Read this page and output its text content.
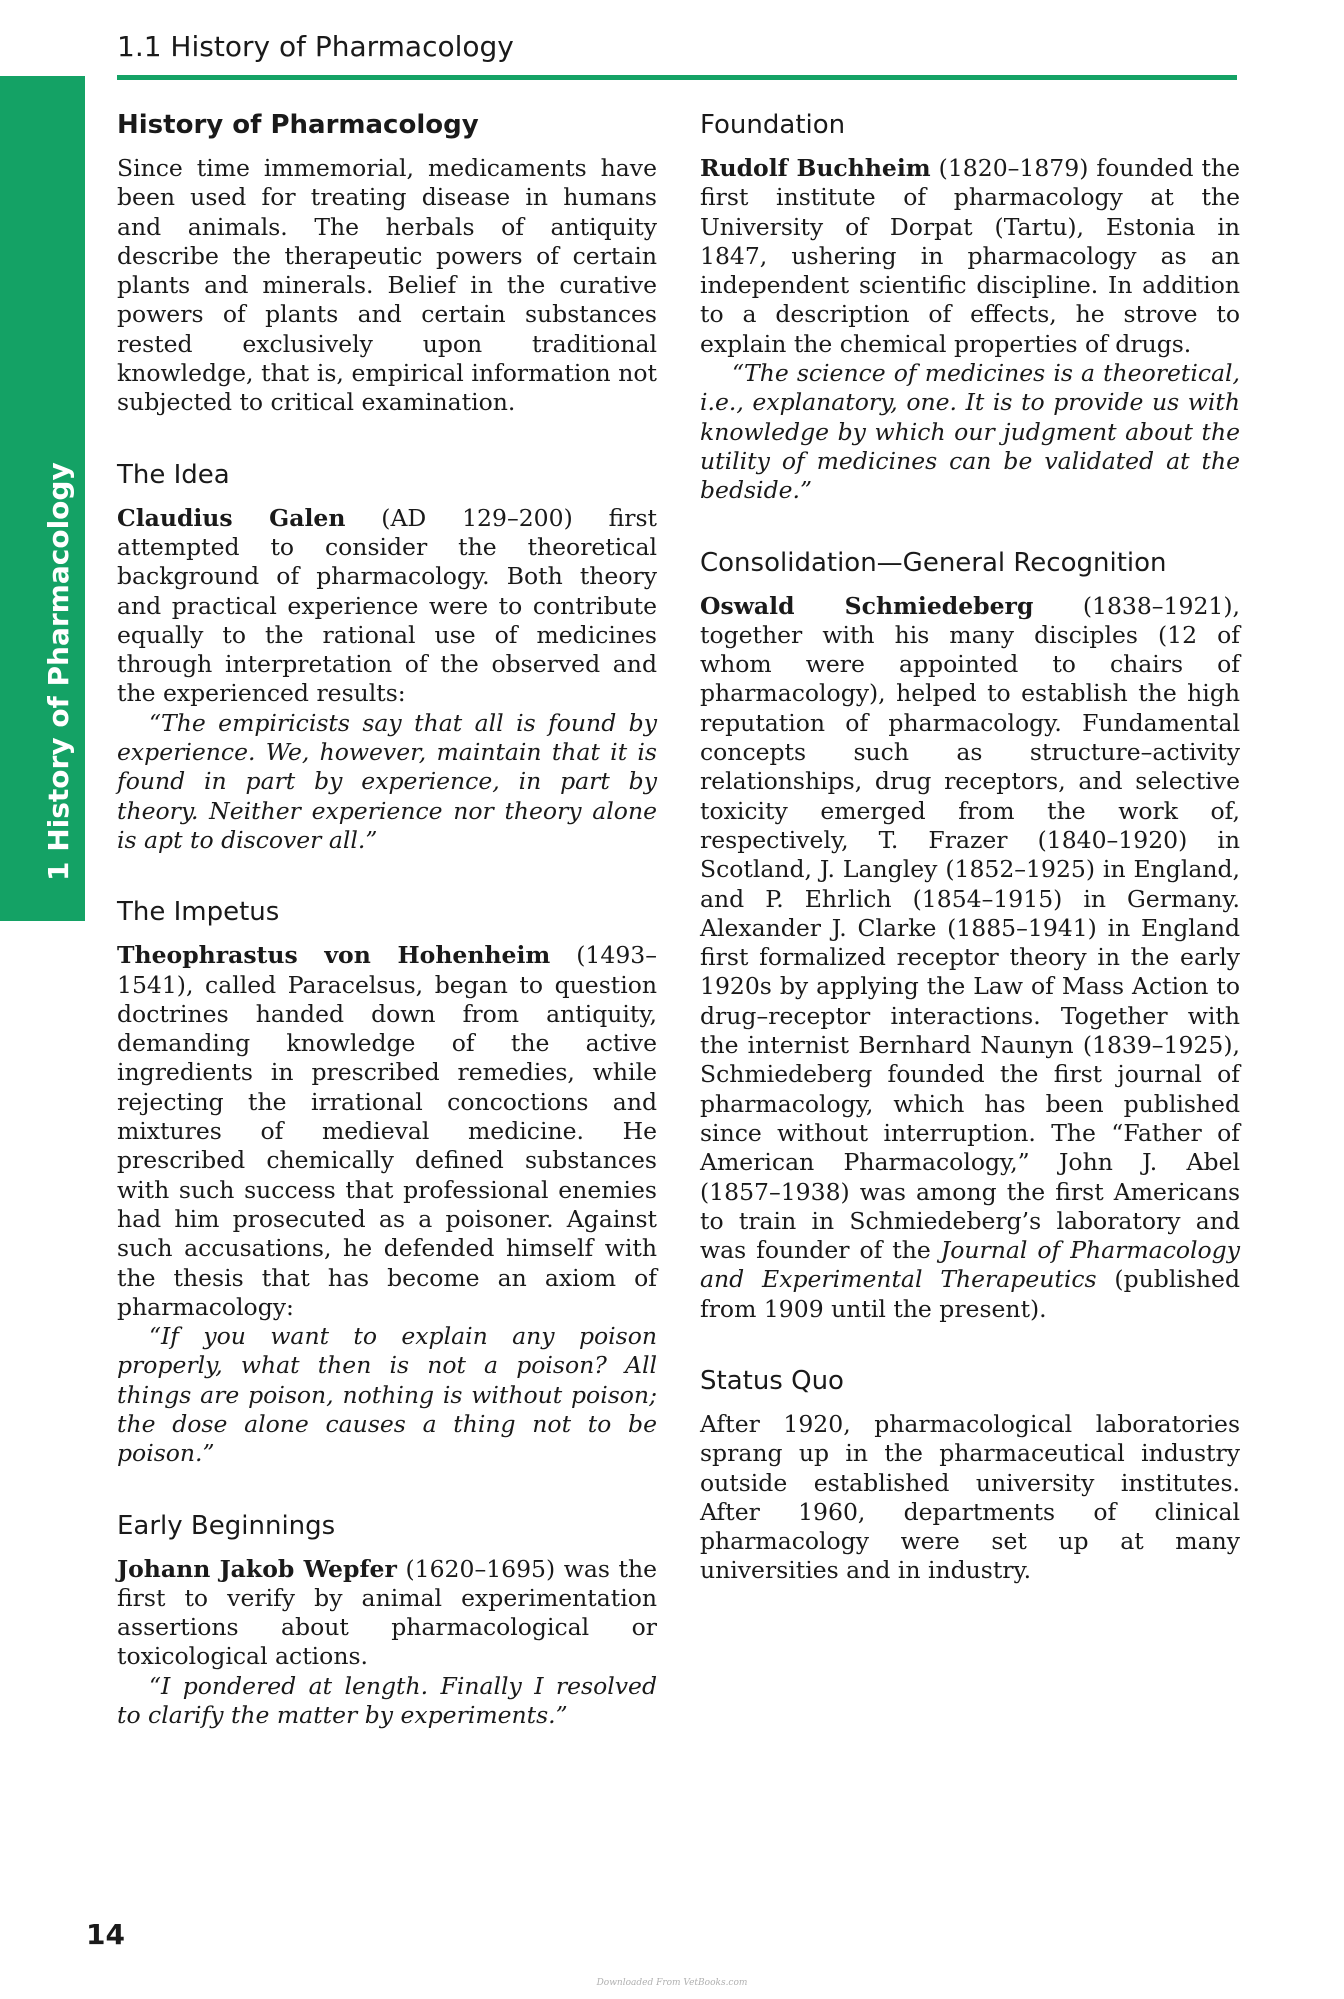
1.1 History of Pharmacology
1 History of Pharmacology
History of Pharmacology

Since time immemorial, medicaments have been used for treating disease in humans and animals. The herbals of antiquity describe the therapeutic powers of certain plants and minerals. Belief in the curative powers of plants and certain substances rested exclusively upon traditional knowledge, that is, empirical information not subjected to critical examination.

The Idea

Claudius Galen (AD 129–200) first attempted to consider the theoretical background of pharmacology. Both theory and practical experience were to contribute equally to the rational use of medicines through interpretation of the observed and the experienced results:

“The empiricists say that all is found by experience. We, however, maintain that it is found in part by experience, in part by theory. Neither experience nor theory alone is apt to discover all.”

The Impetus

Theophrastus von Hohenheim (1493–1541), called Paracelsus, began to question doctrines handed down from antiquity, demanding knowledge of the active ingredients in prescribed remedies, while rejecting the irrational concoctions and mixtures of medieval medicine. He prescribed chemically defined substances with such success that professional enemies had him prosecuted as a poisoner. Against such accusations, he defended himself with the thesis that has become an axiom of pharmacology:

“If you want to explain any poison properly, what then is not a poison? All things are poison, nothing is without poison; the dose alone causes a thing not to be poison.”

Early Beginnings

Johann Jakob Wepfer (1620–1695) was the first to verify by animal experimentation assertions about pharmacological or toxicological actions.

“I pondered at length. Finally I resolved to clarify the matter by experiments.”

Foundation

Rudolf Buchheim (1820–1879) founded the first institute of pharmacology at the University of Dorpat (Tartu), Estonia in 1847, ushering in pharmacology as an independent scientific discipline. In addition to a description of effects, he strove to explain the chemical properties of drugs.

“The science of medicines is a theoretical, i.e., explanatory, one. It is to provide us with knowledge by which our judgment about the utility of medicines can be validated at the bedside.”

Consolidation—General Recognition

Oswald Schmiedeberg (1838–1921), together with his many disciples (12 of whom were appointed to chairs of pharmacology), helped to establish the high reputation of pharmacology. Fundamental concepts such as structure–activity relationships, drug receptors, and selective toxicity emerged from the work of, respectively, T. Frazer (1840–1920) in Scotland, J. Langley (1852–1925) in England, and P. Ehrlich (1854–1915) in Germany. Alexander J. Clarke (1885–1941) in England first formalized receptor theory in the early 1920s by applying the Law of Mass Action to drug–receptor interactions. Together with the internist Bernhard Naunyn (1839–1925), Schmiedeberg founded the first journal of pharmacology, which has been published since without interruption. The “Father of American Pharmacology,” John J. Abel (1857–1938) was among the first Americans to train in Schmiedeberg’s laboratory and was founder of the Journal of Pharmacology and Experimental Therapeutics (published from 1909 until the present).

Status Quo

After 1920, pharmacological laboratories sprang up in the pharmaceutical industry outside established university institutes. After 1960, departments of clinical pharmacology were set up at many universities and in industry.

14
Downloaded From VetBooks.com
